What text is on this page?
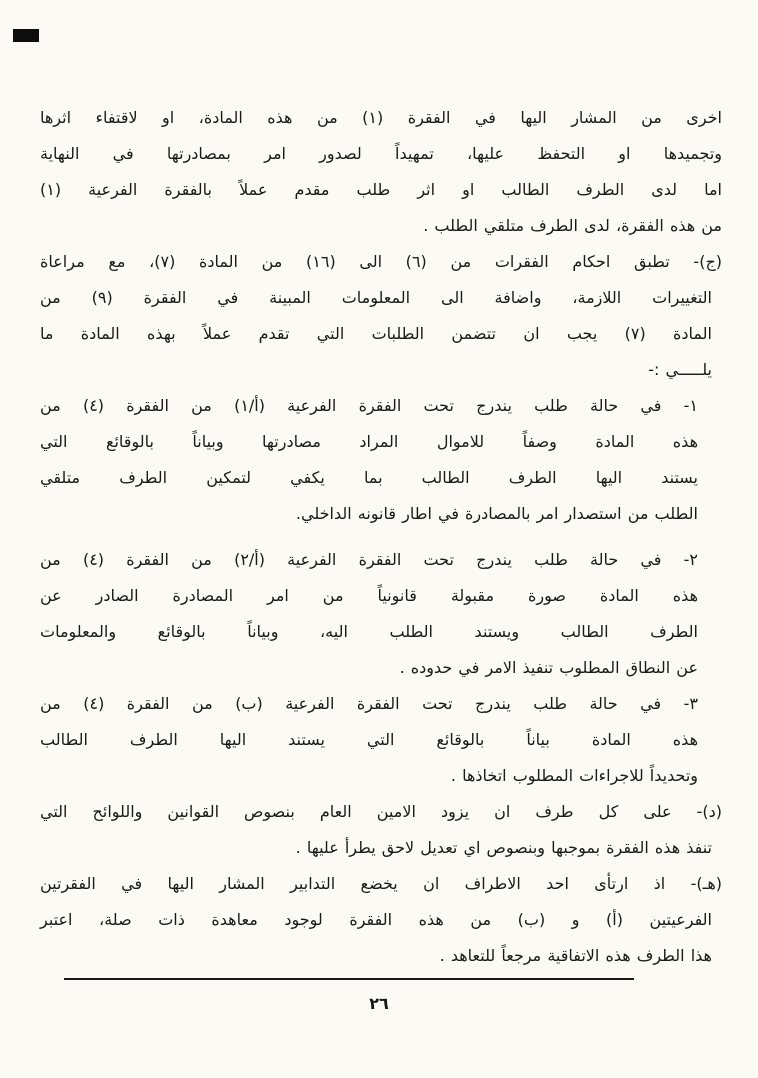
اخرى من المشار اليها في الفقرة (١) من هذه المادة، او لاقتفاء اثرها
وتجميدها او التحفظ عليها، تمهيداً لصدور امر بمصادرتها في النهاية
اما لدى الطرف الطالب او اثر طلب مقدم عملاً بالفقرة الفرعية (١)
من هذه الفقرة، لدى الطرف متلقي الطلب .
(ج)- تطبق احكام الفقرات من (٦) الى (١٦) من المادة (٧)، مع مراعاة
التغييرات اللازمة، واضافة الى المعلومات المبينة في الفقرة (٩) من
المادة (٧) يجب ان تتضمن الطلبات التي تقدم عملاً بهذه المادة ما
يلـــــي :-
١- في حالة طلب يندرج تحت الفقرة الفرعية (أ/١) من الفقرة (٤) من
هذه المادة وصفاً للاموال المراد مصادرتها وبياناً بالوقائع التي
يستند اليها الطرف الطالب بما يكفي لتمكين الطرف متلقي
الطلب من استصدار امر بالمصادرة في اطار قانونه الداخلي.
٢- في حالة طلب يندرج تحت الفقرة الفرعية (أ/٢) من الفقرة (٤) من
هذه المادة صورة مقبولة قانونياً من امر المصادرة الصادر عن
الطرف الطالب ويستند الطلب اليه، وبياناً بالوقائع والمعلومات
عن النطاق المطلوب تنفيذ الامر في حدوده .
٣- في حالة طلب يندرج تحت الفقرة الفرعية (ب) من الفقرة (٤) من
هذه المادة بياناً بالوقائع التي يستند اليها الطرف الطالب
وتحديداً للاجراءات المطلوب اتخاذها .
(د)- على كل طرف ان يزود الامين العام بنصوص القوانين واللوائح التي
تنفذ هذه الفقرة بموجبها وبنصوص اي تعديل لاحق يطرأ عليها .
(هـ)- اذ ارتأى احد الاطراف ان يخضع التدابير المشار اليها في الفقرتين
الفرعيتين (أ) و (ب) من هذه الفقرة لوجود معاهدة ذات صلة، اعتبر
هذا الطرف هذه الاتفاقية مرجعاً للتعاهد .
٢٦
